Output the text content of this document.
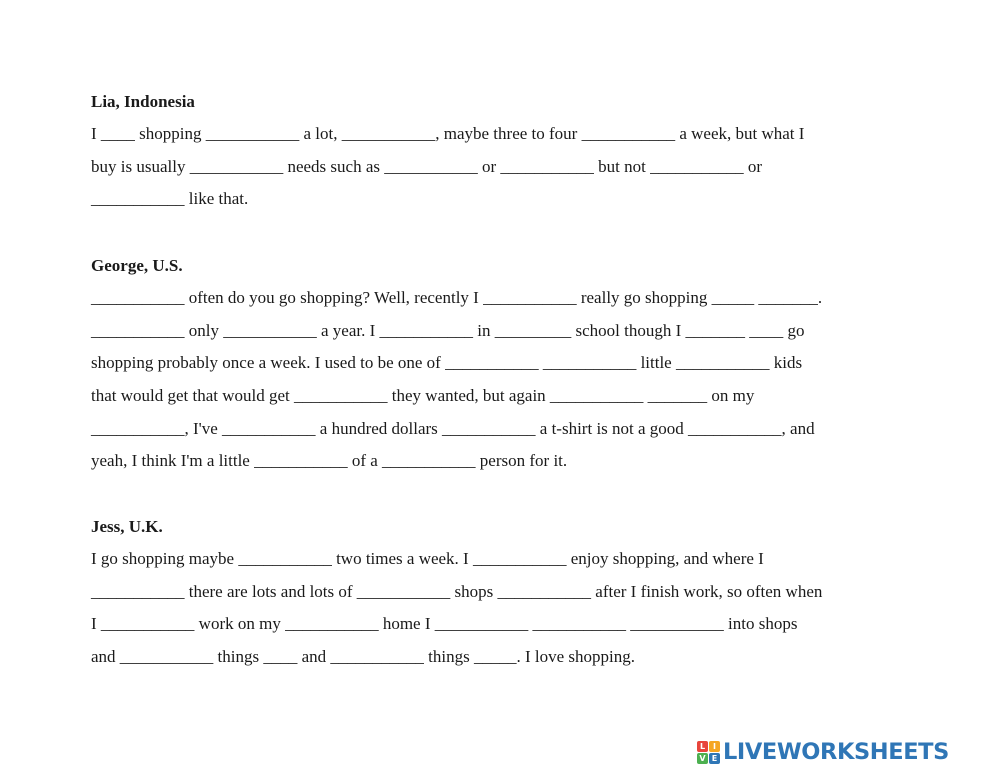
Lia, Indonesia
I ____ shopping ___________ a lot, ___________, maybe three to four ___________ a week, but what I
buy is usually ___________ needs such as ___________ or ___________ but not ___________ or
___________ like that.
George, U.S.
___________ often do you go shopping? Well, recently I ___________ really go shopping _____ _______.
___________ only ___________ a year. I ___________ in _________ school though I _______ ____ go
shopping probably once a week. I used to be one of ___________ ___________ little ___________ kids
that would get that would get ___________ they wanted, but again ___________ _______ on my
___________, I've ___________ a hundred dollars ___________ a t-shirt is not a good ___________, and
yeah, I think I'm a little ___________ of a ___________ person for it.
Jess, U.K.
I go shopping maybe ___________ two times a week. I ___________ enjoy shopping, and where I
___________ there are lots and lots of ___________ shops ___________ after I finish work, so often when
I ___________ work on my ___________ home I ___________ ___________ ___________ into shops
and ___________ things ____ and ___________ things _____. I love shopping.
L I
V E LIVEWORKSHEETS
